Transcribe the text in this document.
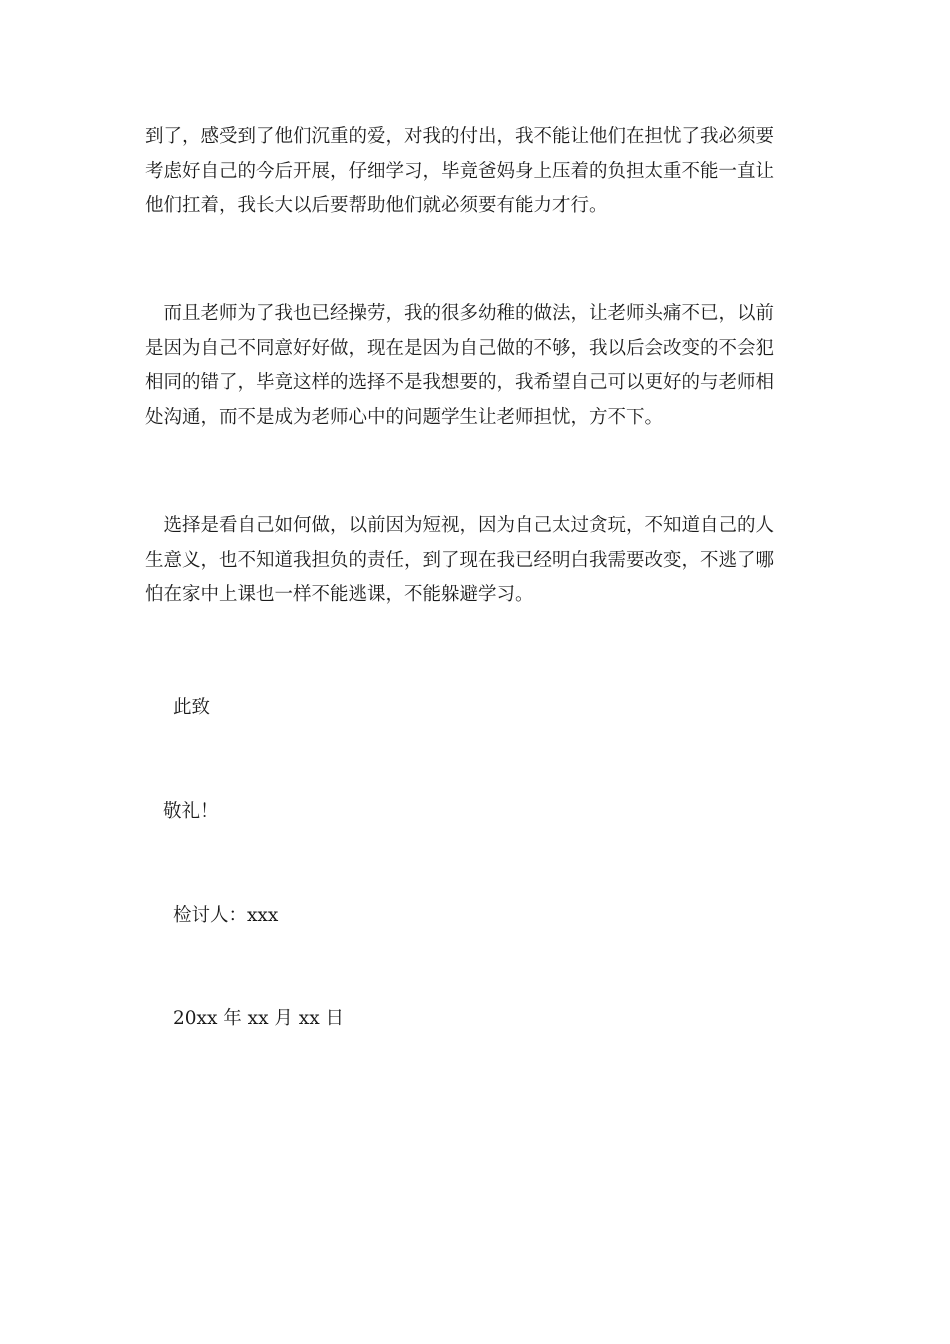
到了，感受到了他们沉重的爱，对我的付出，我不能让他们在担忧了我必须要
考虑好自己的今后开展，仔细学习，毕竟爸妈身上压着的负担太重不能一直让
他们扛着，我长大以后要帮助他们就必须要有能力才行。

　而且老师为了我也已经操劳，我的很多幼稚的做法，让老师头痛不已，以前
是因为自己不同意好好做，现在是因为自己做的不够，我以后会改变的不会犯
相同的错了，毕竟这样的选择不是我想要的，我希望自己可以更好的与老师相
处沟通，而不是成为老师心中的问题学生让老师担忧，方不下。

　选择是看自己如何做，以前因为短视，因为自己太过贪玩，不知道自己的人
生意义，也不知道我担负的责任，到了现在我已经明白我需要改变，不逃了哪
怕在家中上课也一样不能逃课，不能躲避学习。

此致

敬礼！

检讨人：xxx

20xx 年 xx 月 xx 日
